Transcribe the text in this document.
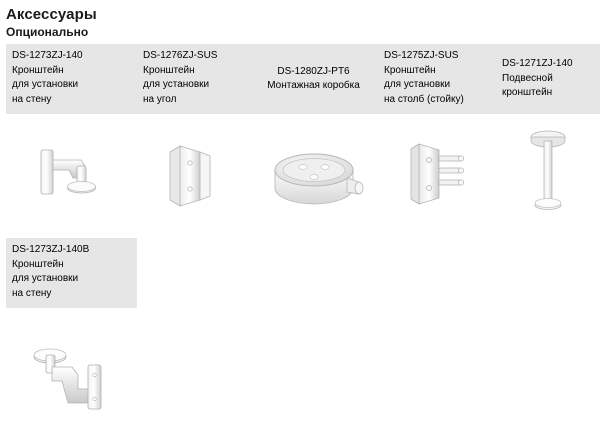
Аксессуары
Опционально
DS-1273ZJ-140
Кронштейн
для установки
на стену
DS-1276ZJ-SUS
Кронштейн
для установки
на угол
DS-1280ZJ-PT6
Монтажная коробка
DS-1275ZJ-SUS
Кронштейн
для установки
на столб (стойку)
DS-1271ZJ-140
Подвесной
кронштейн
DS-1273ZJ-140B
Кронштейн
для установки
на стену
